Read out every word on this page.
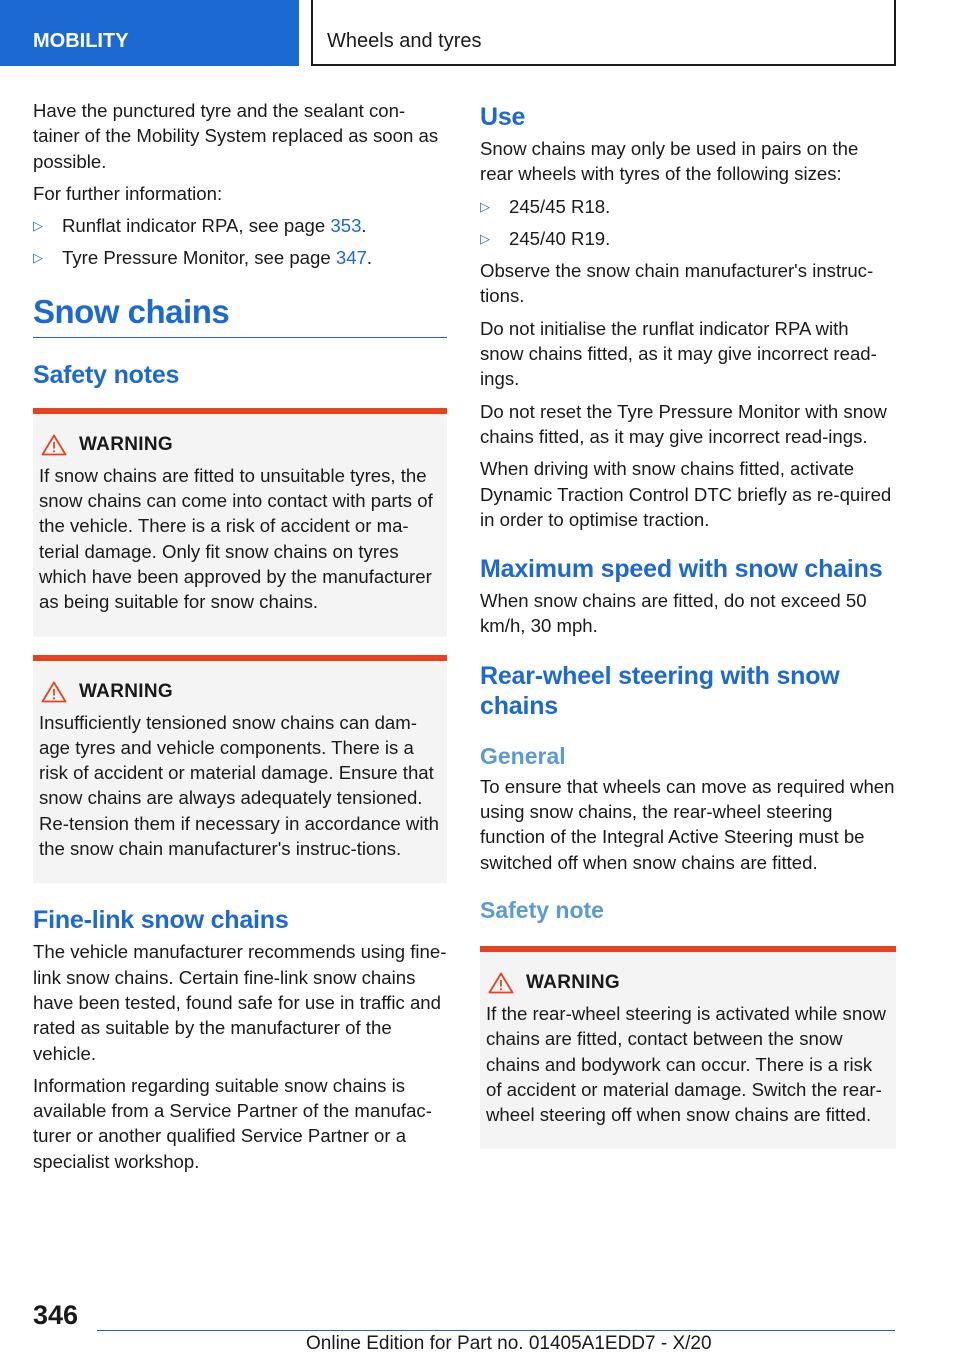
MOBILITY	Wheels and tyres

Have the punctured tyre and the sealant con-tainer of the Mobility System replaced as soon as possible.

For further information:

▷ Runflat indicator RPA, see page 353.
▷ Tyre Pressure Monitor, see page 347.
Snow chains
Safety notes
WARNING

If snow chains are fitted to unsuitable tyres, the snow chains can come into contact with parts of the vehicle. There is a risk of accident or ma-terial damage. Only fit snow chains on tyres which have been approved by the manufacturer as being suitable for snow chains.

WARNING

Insufficiently tensioned snow chains can dam-age tyres and vehicle components. There is a risk of accident or material damage. Ensure that snow chains are always adequately tensioned. Re-tension them if necessary in accordance with the snow chain manufacturer's instruc-tions.

Fine-link snow chains

The vehicle manufacturer recommends using fine-link snow chains. Certain fine-link snow chains have been tested, found safe for use in traffic and rated as suitable by the manufacturer of the vehicle.

Information regarding suitable snow chains is available from a Service Partner of the manufac-turer or another qualified Service Partner or a specialist workshop.

Use

Snow chains may only be used in pairs on the rear wheels with tyres of the following sizes:

▷ 245/45 R18.
▷ 245/40 R19.

Observe the snow chain manufacturer's instruc-tions.

Do not initialise the runflat indicator RPA with snow chains fitted, as it may give incorrect read-ings.

Do not reset the Tyre Pressure Monitor with snow chains fitted, as it may give incorrect read-ings.

When driving with snow chains fitted, activate Dynamic Traction Control DTC briefly as re-quired in order to optimise traction.

Maximum speed with snow chains

When snow chains are fitted, do not exceed 50 km/h, 30 mph.

Rear-wheel steering with snow chains
General

To ensure that wheels can move as required when using snow chains, the rear-wheel steering function of the Integral Active Steering must be switched off when snow chains are fitted.

Safety note
WARNING

If the rear-wheel steering is activated while snow chains are fitted, contact between the snow chains and bodywork can occur. There is a risk of accident or material damage. Switch the rear-wheel steering off when snow chains are fitted.

346
Online Edition for Part no. 01405A1EDD7 - X/20
